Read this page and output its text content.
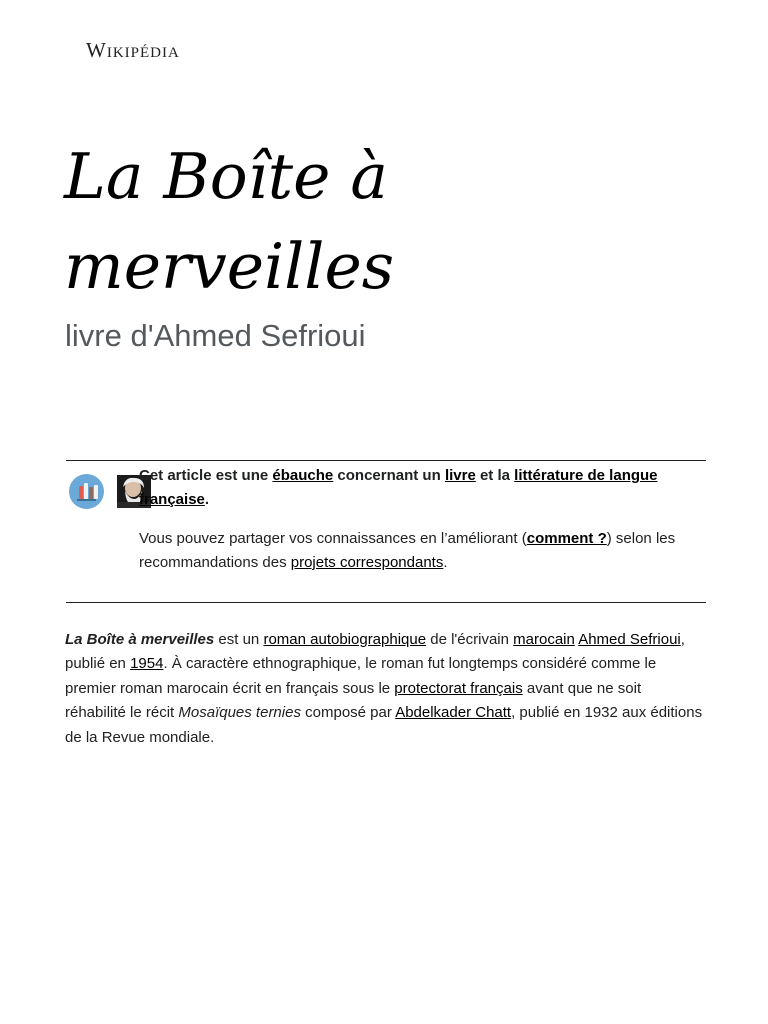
Wikipédia
La Boîte à merveilles

livre d'Ahmed Sefrioui

Cet article est une ébauche concernant un livre et la littérature de langue française.

Vous pouvez partager vos connaissances en l’améliorant (comment ?) selon les recommandations des projets correspondants.

La Boîte à merveilles est un roman autobiographique de l'écrivain marocain Ahmed Sefrioui, publié en 1954. À caractère ethnographique, le roman fut longtemps considéré comme le premier roman marocain écrit en français sous le protectorat français avant que ne soit réhabilité le récit Mosaïques ternies composé par Abdelkader Chatt, publié en 1932 aux éditions de la Revue mondiale.
